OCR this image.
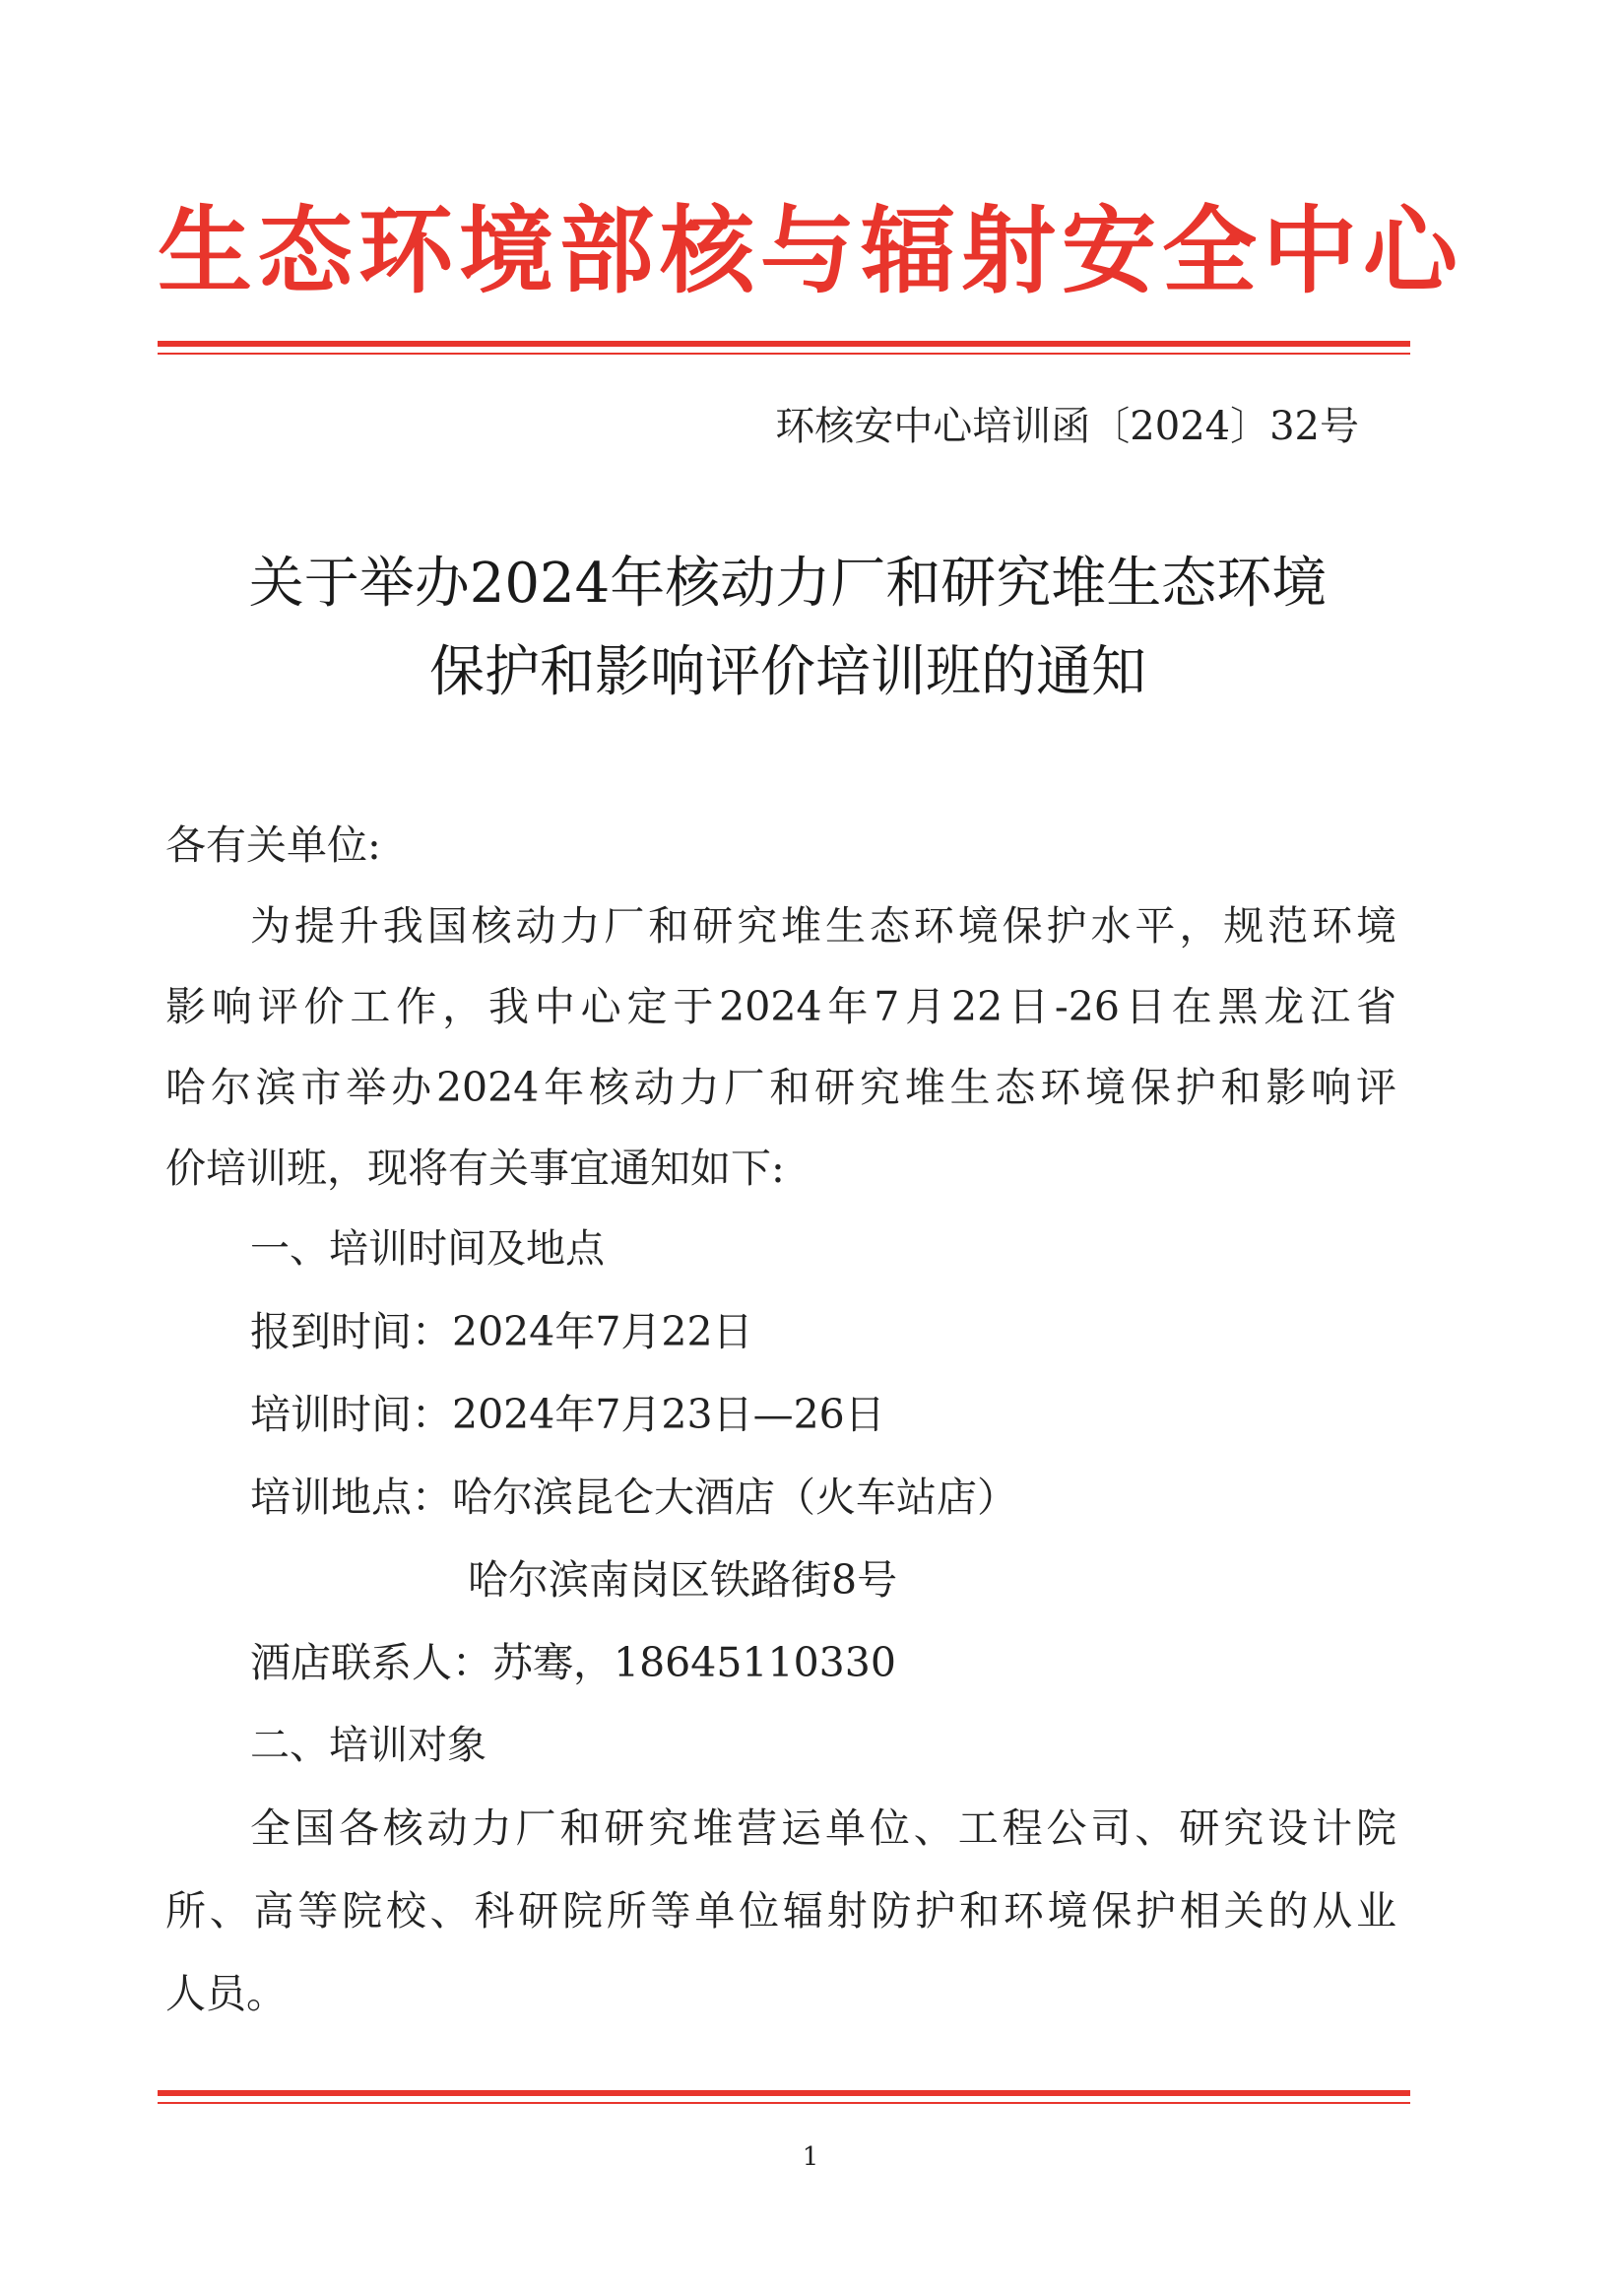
生态环境部核与辐射安全中心
环核安中心培训函〔2024〕32号
关于举办2024年核动力厂和研究堆生态环境
保护和影响评价培训班的通知
各有关单位:
为提升我国核动力厂和研究堆生态环境保护水平，规范环境
影响评价工作，我中心定于2024年7月22日-26日在黑龙江省
哈尔滨市举办2024年核动力厂和研究堆生态环境保护和影响评
价培训班，现将有关事宜通知如下:
一、培训时间及地点
报到时间：2024年7月22日
培训时间：2024年7月23日—26日
培训地点：哈尔滨昆仑大酒店（火车站店）
哈尔滨南岗区铁路街8号
酒店联系人：苏骞，18645110330
二、培训对象
全国各核动力厂和研究堆营运单位、工程公司、研究设计院
所、高等院校、科研院所等单位辐射防护和环境保护相关的从业
人员。
1
